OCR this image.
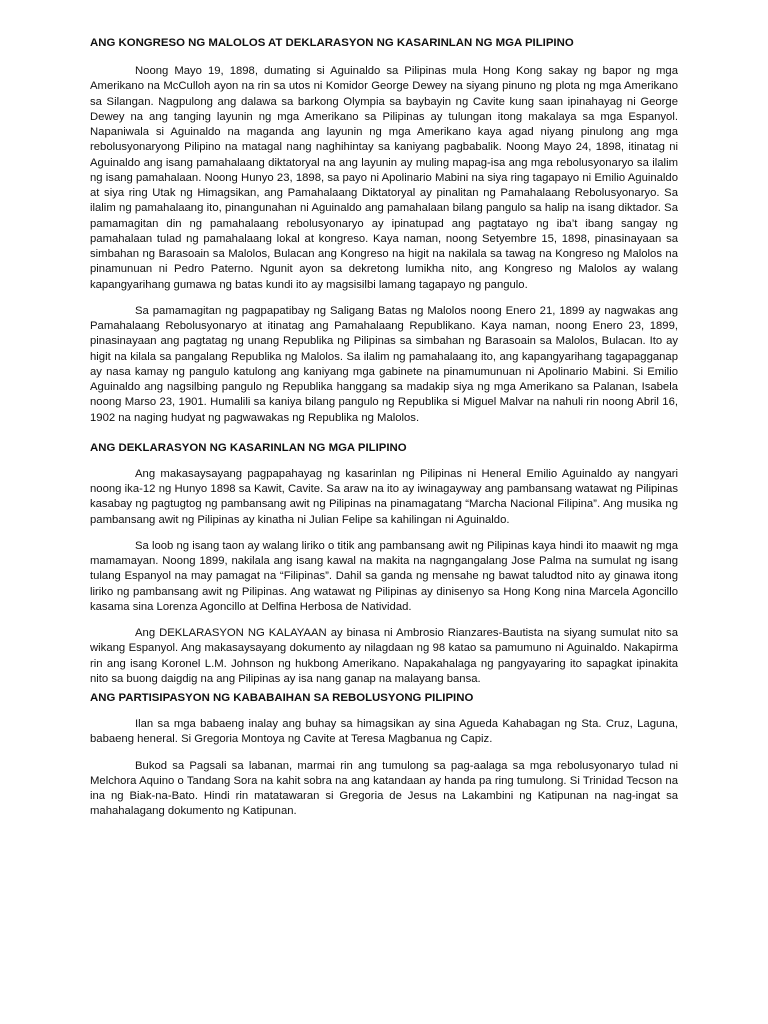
ANG KONGRESO NG MALOLOS AT DEKLARASYON NG KASARINLAN NG MGA PILIPINO

Noong Mayo 19, 1898, dumating si Aguinaldo sa Pilipinas mula Hong Kong sakay ng bapor ng mga Amerikano na McCulloh ayon na rin sa utos ni Komidor George Dewey na siyang pinuno ng plota ng mga Amerikano sa Silangan. Nagpulong ang dalawa sa barkong Olympia sa baybayin ng Cavite kung saan ipinahayag ni George Dewey na ang tanging layunin ng mga Amerikano sa Pilipinas ay tulungan itong makalaya sa mga Espanyol. Napaniwala si Aguinaldo na maganda ang layunin ng mga Amerikano kaya agad niyang pinulong ang mga rebolusyonaryong Pilipino na matagal nang naghihintay sa kaniyang pagbabalik. Noong Mayo 24, 1898, itinatag ni Aguinaldo ang isang pamahalaang diktatoryal na ang layunin ay muling mapag-isa ang mga rebolusyonaryo sa ilalim ng isang pamahalaan. Noong Hunyo 23, 1898, sa payo ni Apolinario Mabini na siya ring tagapayo ni Emilio Aguinaldo at siya ring Utak ng Himagsikan, ang Pamahalaang Diktatoryal ay pinalitan ng Pamahalaang Rebolusyonaryo. Sa ilalim ng pamahalaang ito, pinangunahan ni Aguinaldo ang pamahalaan bilang pangulo sa halip na isang diktador. Sa pamamagitan din ng pamahalaang rebolusyonaryo ay ipinatupad ang pagtatayo ng iba’t ibang sangay ng pamahalaan tulad ng pamahalaang lokal at kongreso. Kaya naman, noong Setyembre 15, 1898, pinasinayaan sa simbahan ng Barasoain sa Malolos, Bulacan ang Kongreso na higit na nakilala sa tawag na Kongreso ng Malolos na pinamunuan ni Pedro Paterno. Ngunit ayon sa dekretong lumikha nito, ang Kongreso ng Malolos ay walang kapangyarihang gumawa ng batas kundi ito ay magsisilbi lamang tagapayo ng pangulo.

Sa pamamagitan ng pagpapatibay ng Saligang Batas ng Malolos noong Enero 21, 1899 ay nagwakas ang Pamahalaang Rebolusyonaryo at itinatag ang Pamahalaang Republikano. Kaya naman, noong Enero 23, 1899, pinasinayaan ang pagtatag ng unang Republika ng Pilipinas sa simbahan ng Barasoain sa Malolos, Bulacan. Ito ay higit na kilala sa pangalang Republika ng Malolos. Sa ilalim ng pamahalaang ito, ang kapangyarihang tagapagganap ay nasa kamay ng pangulo katulong ang kaniyang mga gabinete na pinamumunuan ni Apolinario Mabini. Si Emilio Aguinaldo ang nagsilbing pangulo ng Republika hanggang sa madakip siya ng mga Amerikano sa Palanan, Isabela noong Marso 23, 1901. Humalili sa kaniya bilang pangulo ng Republika si Miguel Malvar na nahuli rin noong Abril 16, 1902 na naging hudyat ng pagwawakas ng Republika ng Malolos.

ANG DEKLARASYON NG KASARINLAN NG MGA PILIPINO

Ang makasaysayang pagpapahayag ng kasarinlan ng Pilipinas ni Heneral Emilio Aguinaldo ay nangyari noong ika-12 ng Hunyo 1898 sa Kawit, Cavite. Sa araw na ito ay iwinagayway ang pambansang watawat ng Pilipinas kasabay ng pagtugtog ng pambansang awit ng Pilipinas na pinamagatang “Marcha Nacional Filipina”. Ang musika ng pambansang awit ng Pilipinas ay kinatha ni Julian Felipe sa kahilingan ni Aguinaldo.

Sa loob ng isang taon ay walang liriko o titik ang pambansang awit ng Pilipinas kaya hindi ito maawit ng mga mamamayan. Noong 1899, nakilala ang isang kawal na makita na nagngangalang Jose Palma na sumulat ng isang tulang Espanyol na may pamagat na “Filipinas”. Dahil sa ganda ng mensahe ng bawat taludtod nito ay ginawa itong liriko ng pambansang awit ng Pilipinas. Ang watawat ng Pilipinas ay dinisenyo sa Hong Kong nina Marcela Agoncillo kasama sina Lorenza Agoncillo at Delfina Herbosa de Natividad.

Ang DEKLARASYON NG KALAYAAN ay binasa ni Ambrosio Rianzares-Bautista na siyang sumulat nito sa wikang Espanyol. Ang makasaysayang dokumento ay nilagdaan ng 98 katao sa pamumuno ni Aguinaldo. Nakapirma rin ang isang Koronel L.M. Johnson ng hukbong Amerikano. Napakahalaga ng pangyayaring ito sapagkat ipinakita nito sa buong daigdig na ang Pilipinas ay isa nang ganap na malayang bansa.

ANG PARTISIPASYON NG KABABAIHAN SA REBOLUSYONG PILIPINO

Ilan sa mga babaeng inalay ang buhay sa himagsikan ay sina Agueda Kahabagan ng Sta. Cruz, Laguna, babaeng heneral. Si Gregoria Montoya ng Cavite at Teresa Magbanua ng Capiz.

Bukod sa Pagsali sa labanan, marmai rin ang tumulong sa pag-aalaga sa mga rebolusyonaryo tulad ni Melchora Aquino o Tandang Sora na kahit sobra na ang katandaan ay handa pa ring tumulong. Si Trinidad Tecson na ina ng Biak-na-Bato. Hindi rin matatawaran si Gregoria de Jesus na Lakambini ng Katipunan na nag-ingat sa mahahalagang dokumento ng Katipunan.
